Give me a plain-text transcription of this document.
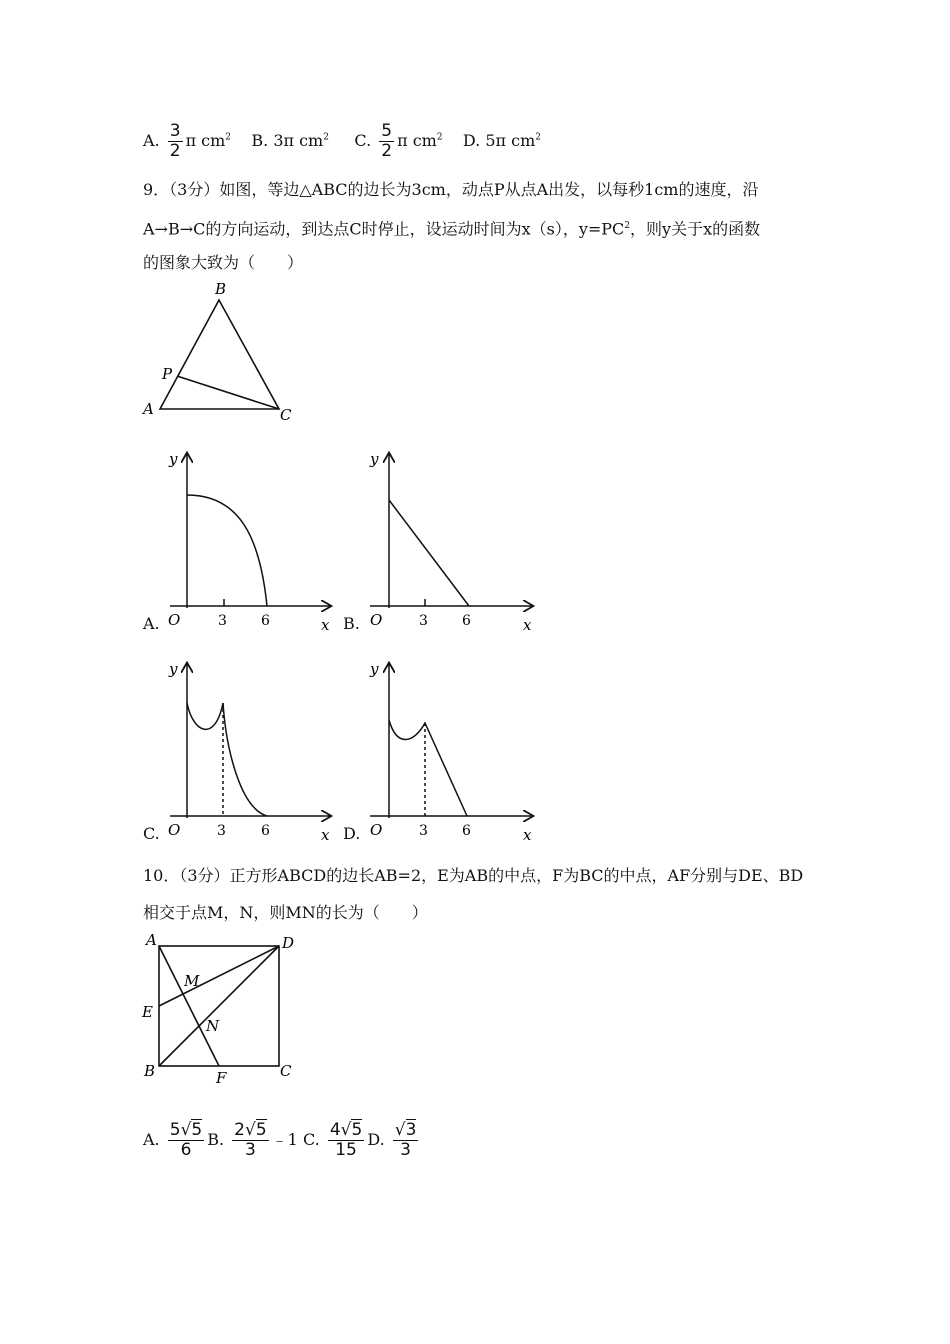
A. $\frac{3}{2}$ π $cm^2$ B. 3π $cm^2$ C. $\frac{5}{2}$ π $cm^2$ D. 5π $cm^2$
9．（3分）如图，等边△ABC的边长为3cm，动点P从点A出发，以每秒1cm的速度，沿
A→B→C的方向运动，到达点C时停止，设运动时间为x（s），$y=PC^2$，则y关于x的函数
的图象大致为（　　）
A
B
C
P
A.
y
O	3 6	x B.
y
O	3 6	x
C.
y
O	3	6	x D.
y
O	3 6	x
10．（3分）正方形ABCD的边长AB=2，E为AB的中点，F为BC的中点，AF分别与DE、BD
相交于点M，N，则MN的长为（　　）
A	D
E
M
N
B	F	C
A. $\frac{5√5}{6} B$. $\frac{2√5}{3}$ ﹣1 C. $\frac{4√5}{15} D$. $\frac{√3}{3}$
